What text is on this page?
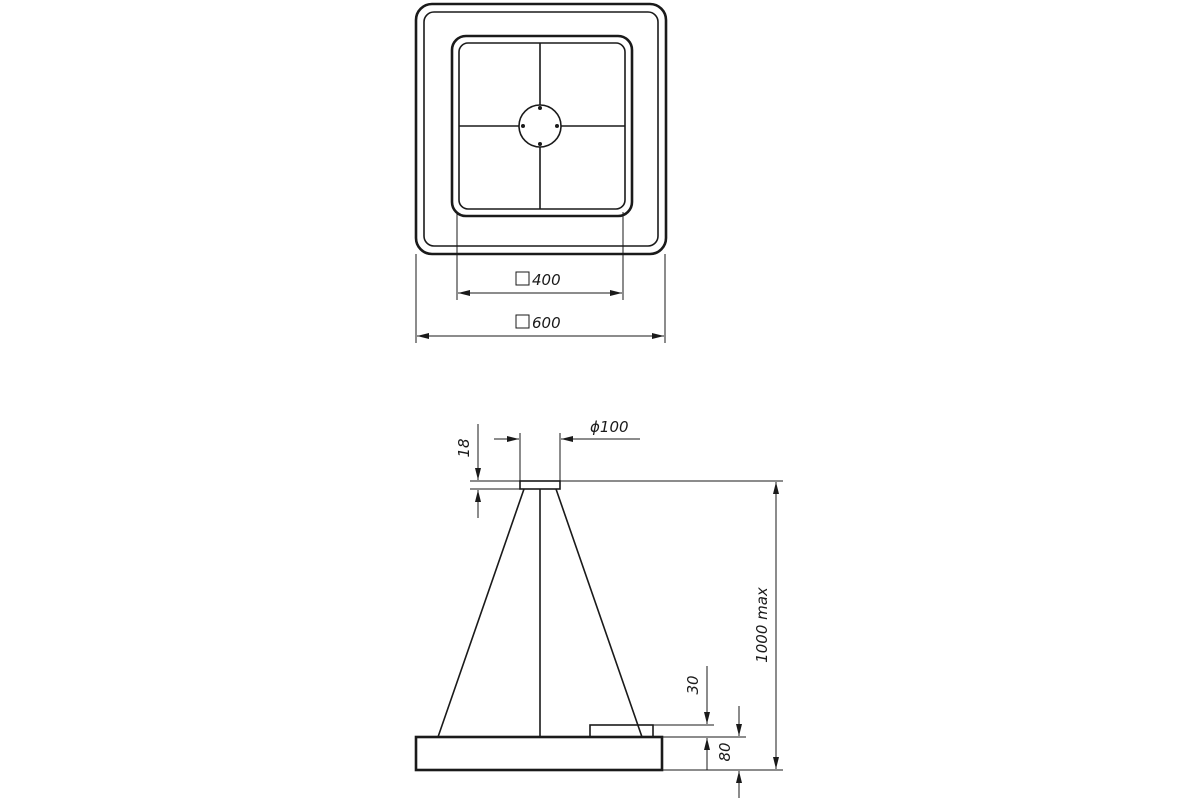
400
600
ϕ100
18
1000 max
30
80
